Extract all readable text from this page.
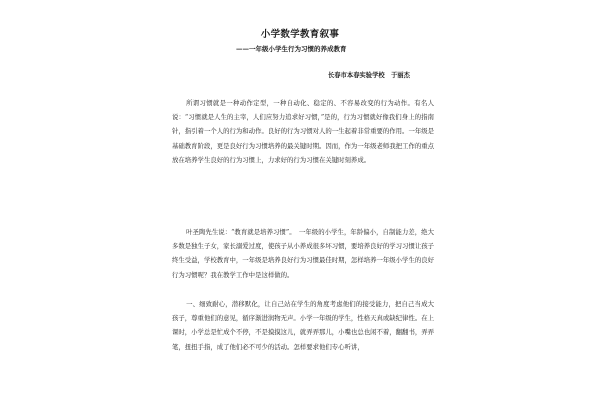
小学数学教育叙事
——一年级小学生行为习惯的养成教育
长春市本春实验学校　于丽杰

所谓习惯就是一种动作定型，一种自动化、稳定的、不容易改变的行为动作。有名人说：“习惯就是人生的主宰，人们应努力追求好习惯，”是的，行为习惯就好像我们身上的指南针，指引着一个人的行为和动作。良好的行为习惯对人的一生起着非常重要的作用。一年级是基础教育阶段，更是良好行为习惯培养的最关键时期。因而，作为一年级老师我把工作的重点放在培养学生良好的行为习惯上，力求好的行为习惯在关键时刻养成。

叶圣陶先生说：“教育就是培养习惯”。　一年级的小学生，年龄偏小，自制能力差，绝大多数是独生子女，家长溺爱过度，使孩子从小养成很多坏习惯，要培养良好的学习习惯让孩子终生受益，学校教育中，一年级是培养良好行为习惯最佳时期，怎样培养一年级小学生的良好行为习惯呢？我在教学工作中是这样做的。

一、细致耐心，潜移默化，让自己站在学生的角度考虑他们的接受能力，把自己当成大孩子，尊重他们的意见，循序渐进润物无声。小学一年级的学生，性格天真或缺纪律性。在上课时，小学总是忙成个不停，不是摸摸这儿，就弄弄那儿，小嘴也总也闲不着，翻翻书，弄弄笔，扭扭手指，成了他们必不可少的活动。怎样要求他们专心听讲，
